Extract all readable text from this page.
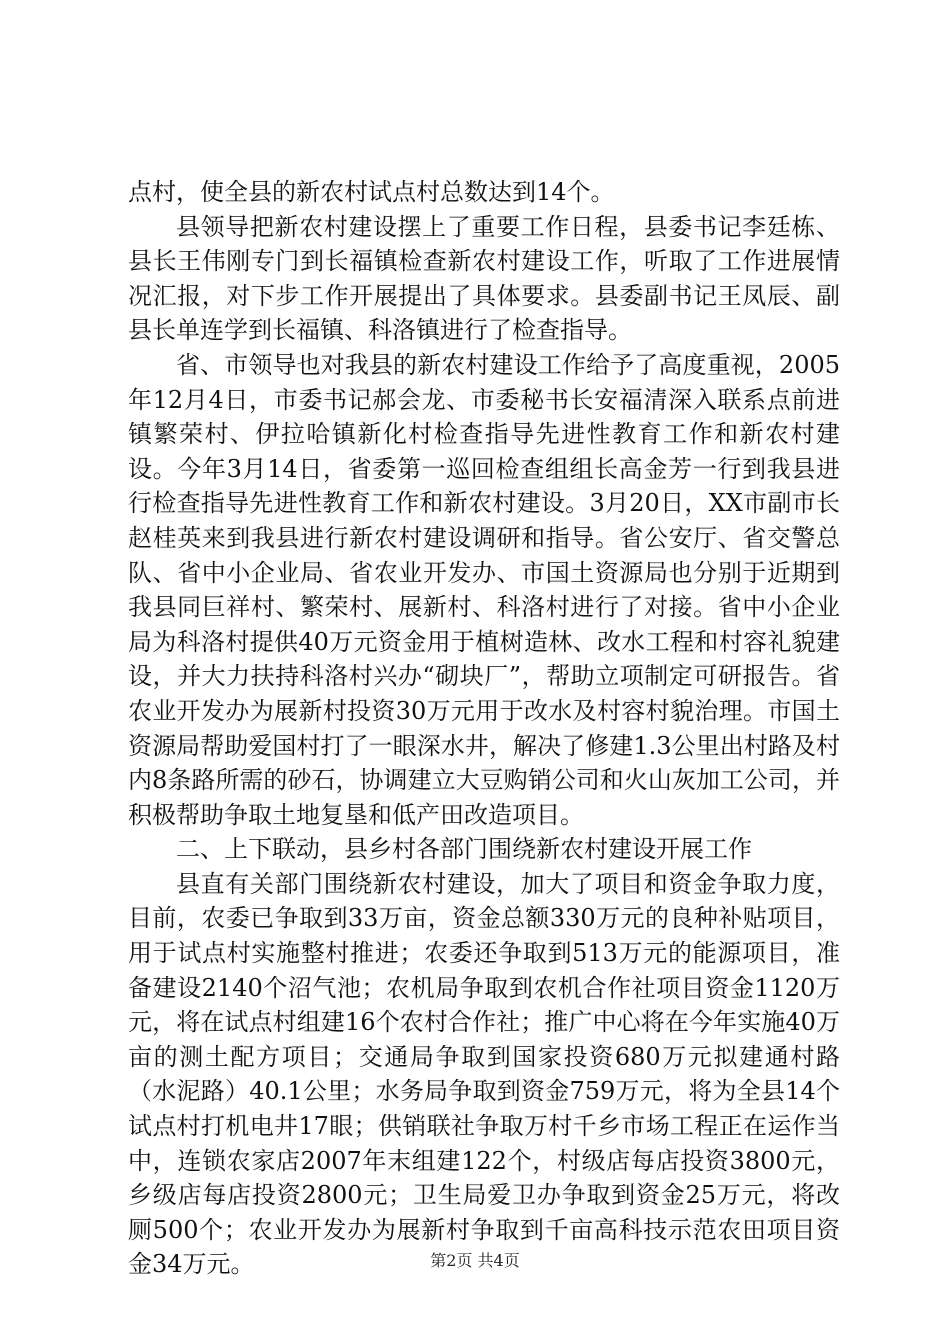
点村，使全县的新农村试点村总数达到14个。

县领导把新农村建设摆上了重要工作日程，县委书记李廷栋、县长王伟刚专门到长福镇检查新农村建设工作，听取了工作进展情况汇报，对下步工作开展提出了具体要求。县委副书记王凤辰、副县长单连学到长福镇、科洛镇进行了检查指导。

省、市领导也对我县的新农村建设工作给予了高度重视，2005年12月4日，市委书记郝会龙、市委秘书长安福清深入联系点前进镇繁荣村、伊拉哈镇新化村检查指导先进性教育工作和新农村建设。今年3月14日，省委第一巡回检查组组长高金芳一行到我县进行检查指导先进性教育工作和新农村建设。3月20日，XX市副市长赵桂英来到我县进行新农村建设调研和指导。省公安厅、省交警总队、省中小企业局、省农业开发办、市国土资源局也分别于近期到我县同巨祥村、繁荣村、展新村、科洛村进行了对接。省中小企业局为科洛村提供40万元资金用于植树造林、改水工程和村容礼貌建设，并大力扶持科洛村兴办“砌块厂”，帮助立项制定可研报告。省农业开发办为展新村投资30万元用于改水及村容村貌治理。市国土资源局帮助爱国村打了一眼深水井，解决了修建1.3公里出村路及村内8条路所需的砂石，协调建立大豆购销公司和火山灰加工公司，并积极帮助争取土地复垦和低产田改造项目。

二、上下联动，县乡村各部门围绕新农村建设开展工作

县直有关部门围绕新农村建设，加大了项目和资金争取力度，目前，农委已争取到33万亩，资金总额330万元的良种补贴项目，用于试点村实施整村推进；农委还争取到513万元的能源项目，准备建设2140个沼气池；农机局争取到农机合作社项目资金1120万元，将在试点村组建16个农村合作社；推广中心将在今年实施40万亩的测土配方项目；交通局争取到国家投资680万元拟建通村路（水泥路）40.1公里；水务局争取到资金759万元，将为全县14个试点村打机电井17眼；供销联社争取万村千乡市场工程正在运作当中，连锁农家店2007年末组建122个，村级店每店投资3800元，乡级店每店投资2800元；卫生局爱卫办争取到资金25万元，将改厕500个；农业开发办为展新村争取到千亩高科技示范农田项目资金34万元。	第2页 共4页
